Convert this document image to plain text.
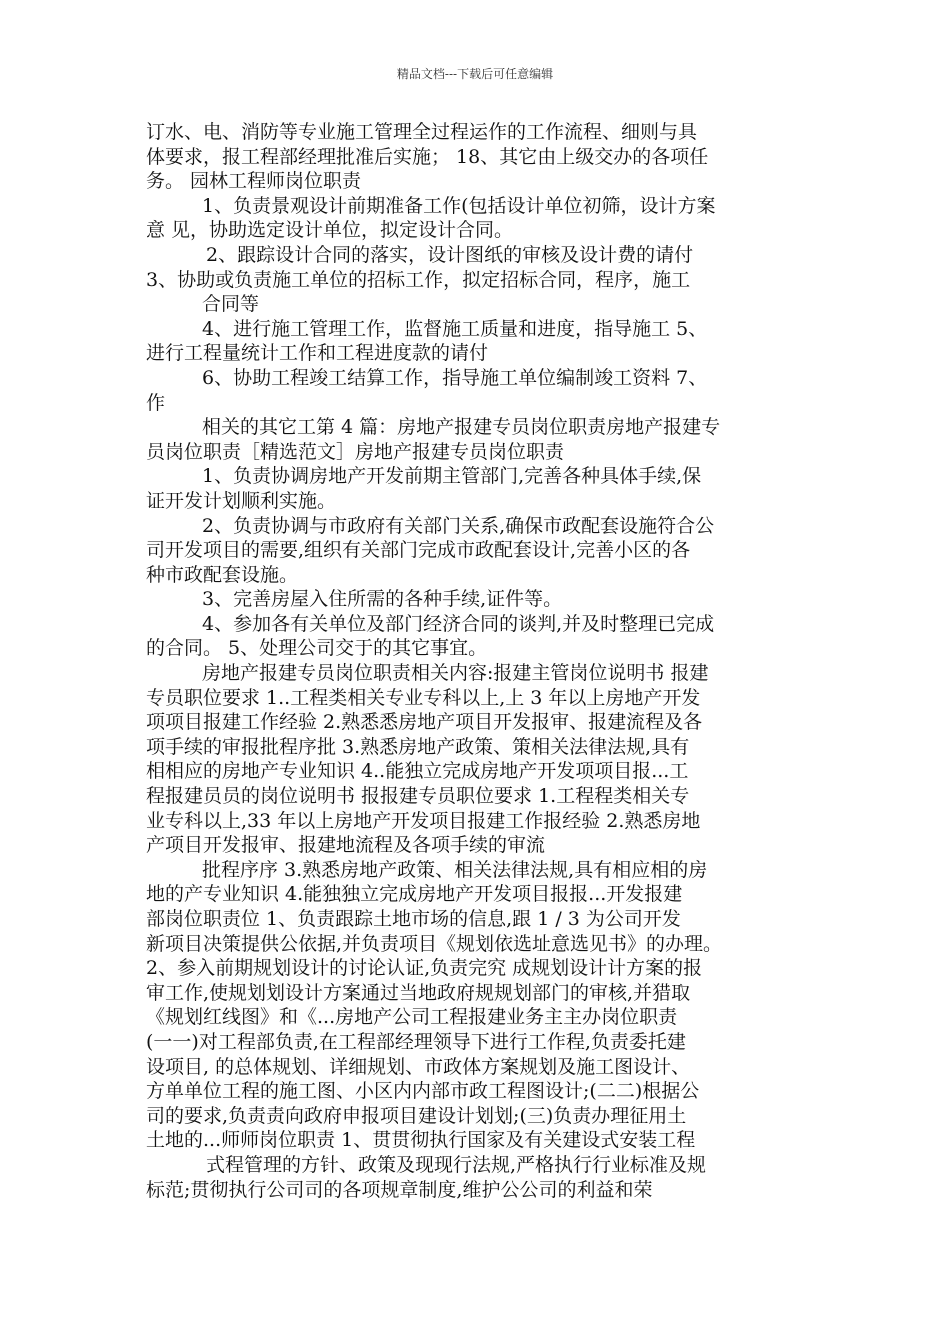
精品文档---下载后可任意编辑
订水、电、消防等专业施工管理全过程运作的工作流程、细则与具
体要求，报工程部经理批准后实施； 18、其它由上级交办的各项任
务。 园林工程师岗位职责
1、负责景观设计前期准备工作(包括设计单位初筛，设计方案
意 见，协助选定设计单位，拟定设计合同。
2、跟踪设计合同的落实，设计图纸的审核及设计费的请付
3、协助或负责施工单位的招标工作，拟定招标合同，程序，施工
合同等
4、进行施工管理工作，监督施工质量和进度，指导施工 5、
进行工程量统计工作和工程进度款的请付
6、协助工程竣工结算工作，指导施工单位编制竣工资料 7、
作
相关的其它工第 4 篇：房地产报建专员岗位职责房地产报建专
员岗位职责［精选范文］房地产报建专员岗位职责
1、负责协调房地产开发前期主管部门,完善各种具体手续,保
证开发计划顺利实施。
2、负责协调与市政府有关部门关系,确保市政配套设施符合公
司开发项目的需要,组织有关部门完成市政配套设计,完善小区的各
种市政配套设施。
3、完善房屋入住所需的各种手续,证件等。
4、参加各有关单位及部门经济合同的谈判,并及时整理已完成
的合同。 5、处理公司交于的其它事宜。
房地产报建专员岗位职责相关内容:报建主管岗位说明书 报建
专员职位要求 1..工程类相关专业专科以上,上 3 年以上房地产开发
项项目报建工作经验 2.熟悉悉房地产项目开发报审、报建流程及各
项手续的审报批程序批 3.熟悉房地产政策、策相关法律法规,具有
相相应的房地产专业知识 4..能独立完成房地产开发项项目报...工
程报建员员的岗位说明书 报报建专员职位要求 1.工程程类相关专
业专科以上,33 年以上房地产开发项目报建工作报经验 2.熟悉房地
产项目开发报审、报建地流程及各项手续的审流
批程序序 3.熟悉房地产政策、相关法律法规,具有相应相的房
地的产专业知识 4.能独独立完成房地产开发项目报报...开发报建
部岗位职责位 1、负责跟踪土地市场的信息,跟 1 / 3 为公司开发
新项目决策提供公依据,并负责项目《规划依选址意选见书》的办理。
2、参入前期规划设计的讨论认证,负责完究 成规划设计计方案的报
审工作,使规划划设计方案通过当地政府规规划部门的审核,并猎取
《规划红线图》和《...房地产公司工程报建业务主主办岗位职责
(一一)对工程部负责,在工程部经理领导下进行工作程,负责委托建
设项目, 的总体规划、详细规划、市政体方案规划及施工图设计、
方单单位工程的施工图、小区内内部市政工程图设计;(二二)根据公
司的要求,负责责向政府申报项目建设计划划;(三)负责办理征用土
土地的...师师岗位职责 1、贯贯彻执行国家及有关建设式安装工程
式程管理的方针、政策及现现行法规,严格执行行业标准及规
标范;贯彻执行公司司的各项规章制度,维护公公司的利益和荣
